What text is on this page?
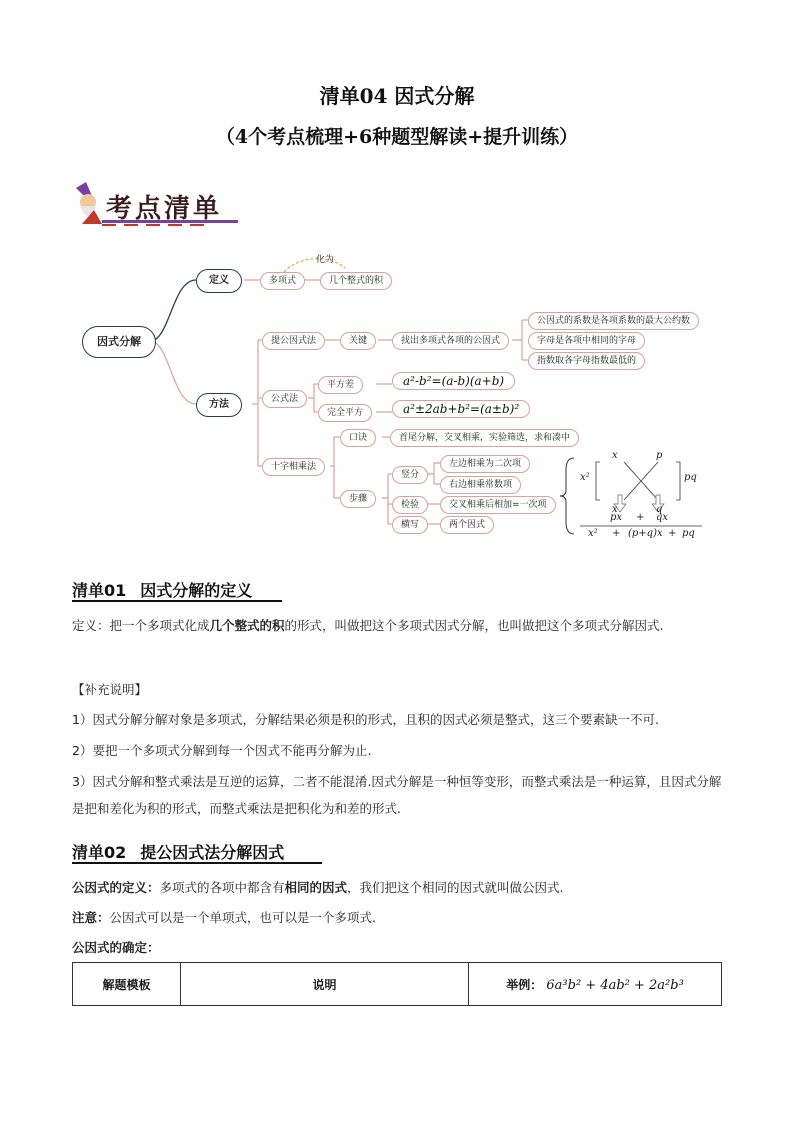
清单04 因式分解
（4个考点梳理+6种题型解读+提升训练）
考点清单
因式分解
定义	多项式	几个整式的积
化为
方法
提公因式法	关键	找出多项式各项的公因式
公因式的系数是各项系数的最大公约数
字母是各项中相同的字母
指数取各字母指数最低的
公式法
平方差
完全平方
a²-b²=(a-b)(a+b)
a²±2ab+b²=(a±b)²
十字相乘法
口诀	首尾分解，交叉相乘，实验筛选，求和凑中
步骤
竖分
左边相乘为二次项
右边相乘常数项
检验	交叉相乘后相加=一次项
横写	两个因式
x²
x
x
p
q
pq
px + qx
x² + (p+q)x + pq
清单01 因式分解的定义
定义：把一个多项式化成几个整式的积的形式，叫做把这个多项式因式分解，也叫做把这个多项式分解因式.
【补充说明】
1）因式分解分解对象是多项式，分解结果必须是积的形式，且积的因式必须是整式，这三个要素缺一不可.
2）要把一个多项式分解到每一个因式不能再分解为止.
3）因式分解和整式乘法是互逆的运算，二者不能混淆.因式分解是一种恒等变形，而整式乘法是一种运算，且因式分解是把和差化为积的形式，而整式乘法是把积化为和差的形式.
清单02 提公因式法分解因式
公因式的定义：多项式的各项中都含有相同的因式，我们把这个相同的因式就叫做公因式.
注意：公因式可以是一个单项式，也可以是一个多项式.
公因式的确定：
解题模板	说明	举例： 6a³b² + 4ab² + 2a²b³
